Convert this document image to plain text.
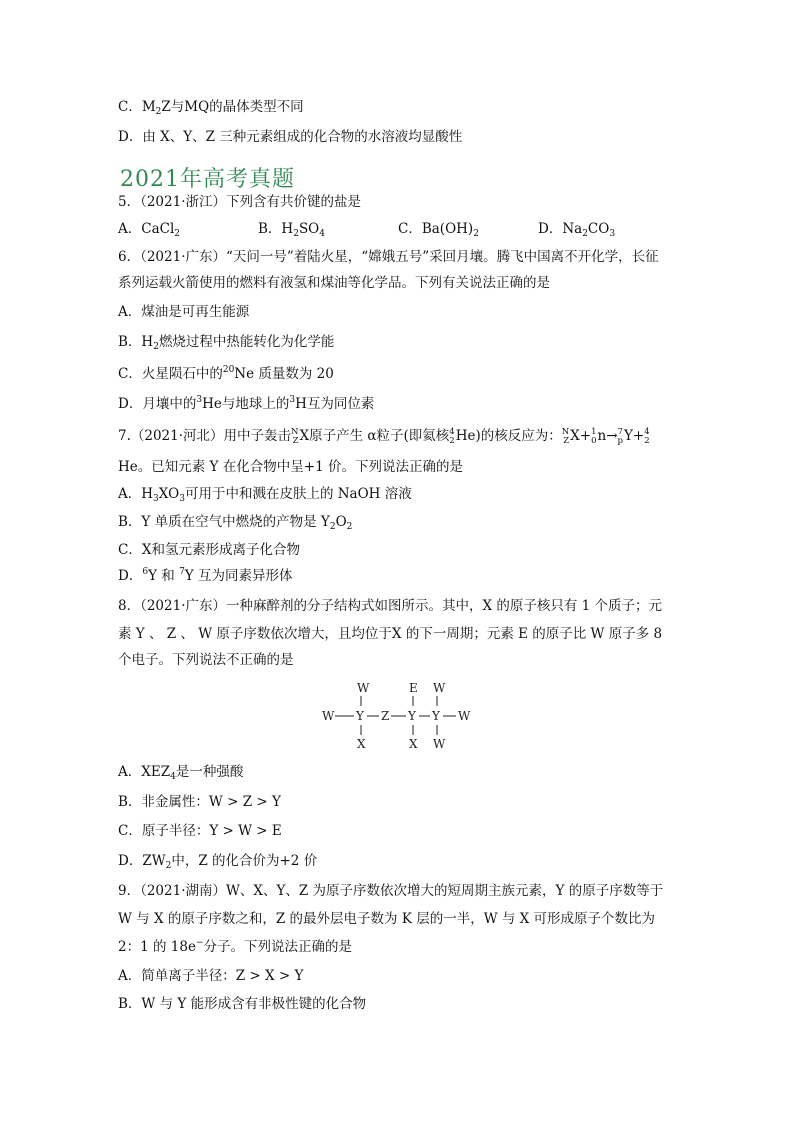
C．$M_2Z$与MQ的晶体类型不同
D．由 X、Y、Z 三种元素组成的化合物的水溶液均显酸性
2021年高考真题
5．（2021·浙江）下列含有共价键的盐是
A．CaCl2	B．H2SO4	C．Ba(OH)2	D．Na2CO3
6．（2021·广东）“天问一号”着陆火星，“嫦娥五号”采回月壤。腾飞中国离不开化学，长征
系列运载火箭使用的燃料有液氢和煤油等化学品。下列有关说法正确的是
A．煤油是可再生能源
B．$H_2$燃烧过程中热能转化为化学能
C．火星陨石中的$^{20}$Ne 质量数为 20
D．月壤中的$^3$He与地球上的$^3$H互为同位素
7.（2021·河北）用中子轰击 N
Z X原子产生 α粒子(即氦核 4
2 He)的核反应为： N
Z X+ 1
0 n→ 7
p Y+ 4
2
He。已知元素 Y 在化合物中呈+1 价。下列说法正确的是
A．$H_3XO_3$可用于中和溅在皮肤上的 NaOH 溶液
B．Y 单质在空气中燃烧的产物是 $Y_2O_2$
C．X和氢元素形成离子化合物
D．$^6$Y 和 $^7$Y 互为同素异形体
8．（2021·广东）一种麻醉剂的分子结构式如图所示。其中，X 的原子核只有 1 个质子；元
素 Y 、 Z 、 W 原子序数依次增大，且均位于X 的下一周期；元素 E 的原子比 W 原子多 8
个电子。下列说法不正确的是
W	E W
W Y Z Y Y W
X	X W
A．$XEZ_4$是一种强酸
B．非金属性：W > Z > Y
C．原子半径：Y > W > E
D．$ZW_2$中，Z 的化合价为+2 价
9．（2021·湖南）W、X、Y、Z 为原子序数依次增大的短周期主族元素，Y 的原子序数等于
W 与 X 的原子序数之和，Z 的最外层电子数为 K 层的一半，W 与 X 可形成原子个数比为
2：1 的 18e−分子。下列说法正确的是
A．简单离子半径：Z > X > Y
B．W 与 Y 能形成含有非极性键的化合物
